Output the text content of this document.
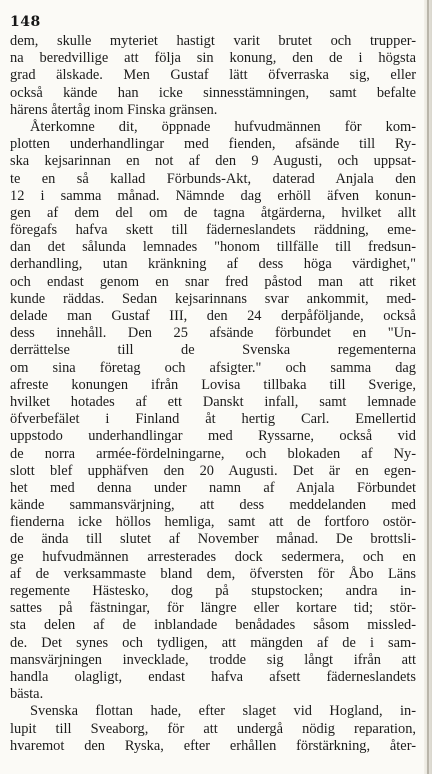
148
dem, skulle myteriet hastigt varit brutet och trupper-
na beredvillige att följa sin konung, den de i högsta
grad älskade. Men Gustaf lätt öfverraska sig, eller
också kände han icke sinnesstämningen, samt befalte
härens återtåg inom Finska gränsen.
Återkomne dit, öppnade hufvudmännen för kom-
plotten underhandlingar med fienden, afsände till Ry-
ska kejsarinnan en not af den 9 Augusti, och uppsat-
te en så kallad Förbunds-Akt, daterad Anjala den
12 i samma månad. Nämnde dag erhöll äfven konun-
gen af dem del om de tagna åtgärderna, hvilket allt
föregafs hafva skett till fäderneslandets räddning, eme-
dan det sålunda lemnades "honom tillfälle till fredsun-
derhandling, utan kränkning af dess höga värdighet,"
och endast genom en snar fred påstod man att riket
kunde räddas. Sedan kejsarinnans svar ankommit, med-
delade man Gustaf III, den 24 derpåföljande, också
dess innehåll. Den 25 afsände förbundet en "Un-
derrättelse till de Svenska regementerna
om sina företag och afsigter." och samma dag
afreste konungen ifrån Lovisa tillbaka till Sverige,
hvilket hotades af ett Danskt infall, samt lemnade
öfverbefälet i Finland åt hertig Carl. Emellertid
uppstodo underhandlingar med Ryssarne, också vid
de norra armée-fördelningarne, och blokaden af Ny-
slott blef upphäfven den 20 Augusti. Det är en egen-
het med denna under namn af Anjala Förbundet
kände sammansvärjning, att dess meddelanden med
fienderna icke höllos hemliga, samt att de fortforo ostör-
de ända till slutet af November månad. De brottsli-
ge hufvudmännen arresterades dock sedermera, och en
af de verksammaste bland dem, öfversten för Åbo Läns
regemente Hästesko, dog på stupstocken; andra in-
sattes på fästningar, för längre eller kortare tid; stör-
sta delen af de inblandade benådades såsom missled-
de. Det synes och tydligen, att mängden af de i sam-
mansvärjningen invecklade, trodde sig långt ifrån att
handla olagligt, endast hafva afsett fäderneslandets
bästa.
Svenska flottan hade, efter slaget vid Hogland, in-
lupit till Sveaborg, för att undergå nödig reparation,
hvaremot den Ryska, efter erhållen förstärkning, åter-
